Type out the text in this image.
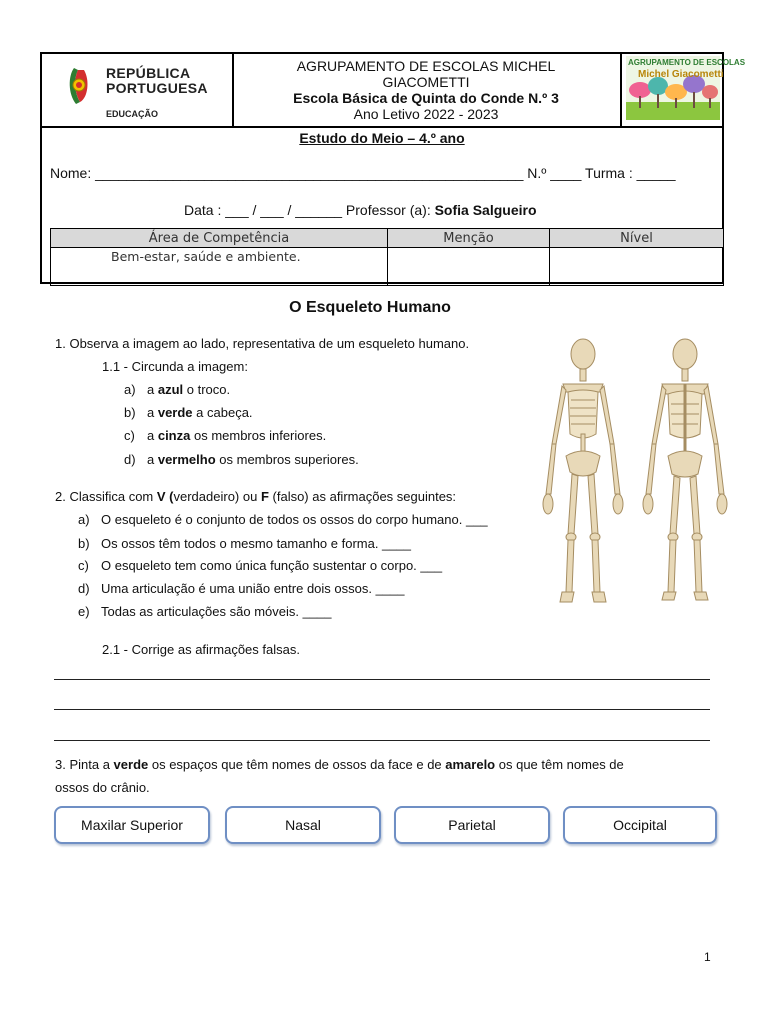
REPÚBLICA
PORTUGUESA
EDUCAÇÃO
AGRUPAMENTO DE ESCOLAS MICHEL
GIACOMETTI
Escola Básica de Quinta do Conde N.º 3
Ano Letivo 2022 - 2023
AGRUPAMENTO DE ESCOLAS
Michel Giacometti
Estudo do Meio – 4.º ano
Nome: _______________________________________________________ N.º ____ Turma : _____
Data : ___ / ___ / ______ Professor (a): Sofia Salgueiro
Área de Competência	Menção	Nível
Bem-estar, saúde e ambiente.		
O Esqueleto Humano
1. Observa a imagem ao lado, representativa de um esqueleto humano.
1.1 - Circunda a imagem:
a) a azul o troco.
b) a verde a cabeça.
c) a cinza os membros inferiores.
d) a vermelho os membros superiores.
2. Classifica com V (verdadeiro) ou F (falso) as afirmações seguintes:
a) O esqueleto é o conjunto de todos os ossos do corpo humano. ___
b) Os ossos têm todos o mesmo tamanho e forma. ____
c) O esqueleto tem como única função sustentar o corpo. ___
d) Uma articulação é uma união entre dois ossos. ____
e) Todas as articulações são móveis. ____
2.1 - Corrige as afirmações falsas.
3. Pinta a verde os espaços que têm nomes de ossos da face e de amarelo os que têm nomes de
ossos do crânio.
Maxilar Superior	Nasal	Parietal	Occipital
1
